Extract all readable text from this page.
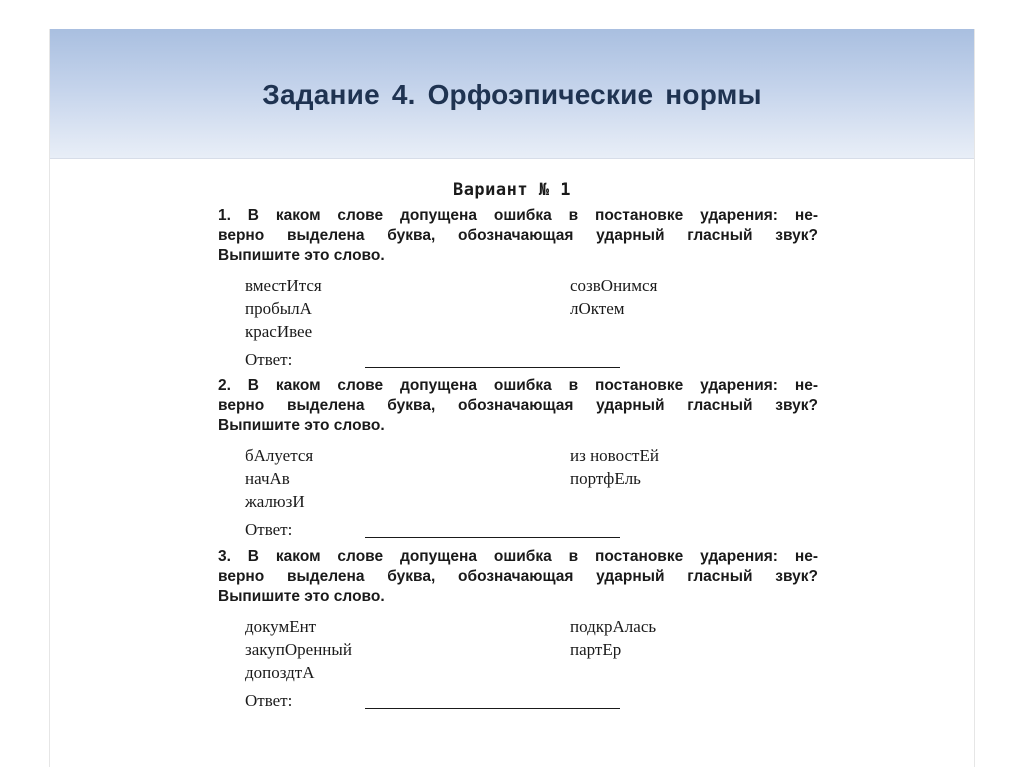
Задание 4. Орфоэпические нормы
Вариант № 1
1. В каком слове допущена ошибка в постановке ударения: не-
верно выделена буква, обозначающая ударный гласный звук?
Выпишите это слово.
вместИтся	созвОнимся
пробылА	лОктем
красИвее
Ответ:
2. В каком слове допущена ошибка в постановке ударения: не-
верно выделена буква, обозначающая ударный гласный звук?
Выпишите это слово.
бАлуется	из новостЕй
начАв	портфЕль
жалюзИ
Ответ:
3. В каком слове допущена ошибка в постановке ударения: не-
верно выделена буква, обозначающая ударный гласный звук?
Выпишите это слово.
докумЕнт	подкрАлась
закупОренный	партЕр
допоздтА
Ответ:
